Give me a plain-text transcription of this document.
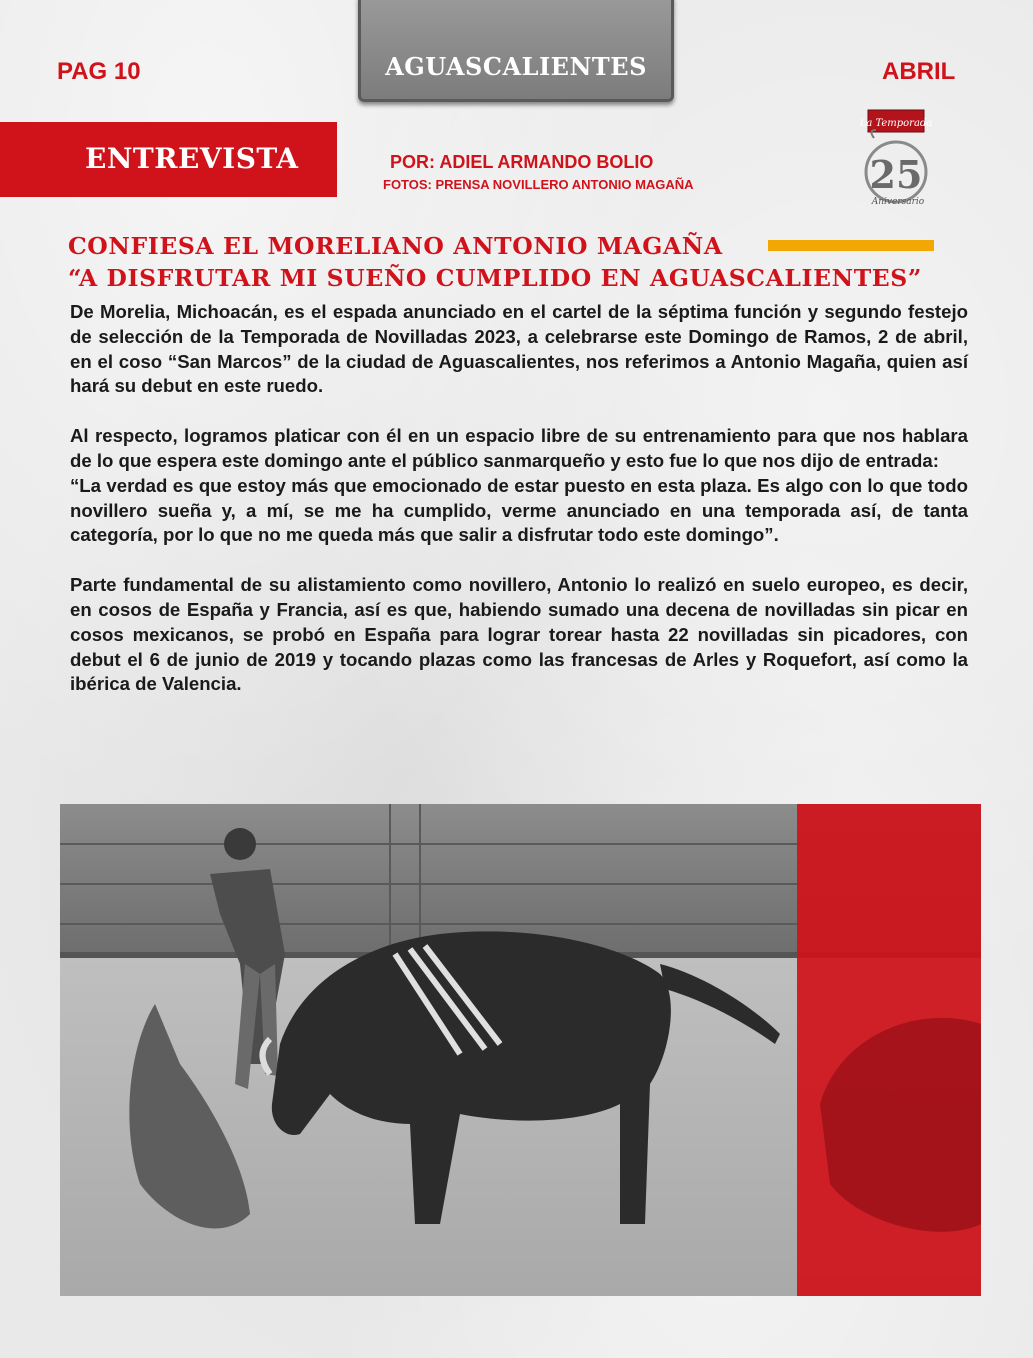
PAG 10	AGUASCALIENTES	ABRIL
ENTREVISTA	POR: ADIEL ARMANDO BOLIO
FOTOS: PRENSA NOVILLERO ANTONIO MAGAÑA
La Temporada
25
Aniversario
CONFIESA EL MORELIANO ANTONIO MAGAÑA
“A DISFRUTAR MI SUEÑO CUMPLIDO EN AGUASCALIENTES”

De Morelia, Michoacán, es el espada anunciado en el cartel de la séptima función y segundo festejo de selección de la Temporada de Novilladas 2023, a celebrarse este Domingo de Ramos, 2 de abril, en el coso “San Marcos” de la ciudad de Aguascalientes, nos referimos a Antonio Magaña, quien así hará su debut en este ruedo.

Al respecto, logramos platicar con él en un espacio libre de su entrenamiento para que nos hablara de lo que espera este domingo ante el público sanmarqueño y esto fue lo que nos dijo de entrada:

“La verdad es que estoy más que emocionado de estar puesto en esta plaza. Es algo con lo que todo novillero sueña y, a mí, se me ha cumplido, verme anunciado en una temporada así, de tanta categoría, por lo que no me queda más que salir a disfrutar todo este domingo”.

Parte fundamental de su alistamiento como novillero, Antonio lo realizó en suelo europeo, es decir, en cosos de España y Francia, así es que, habiendo sumado una decena de novilladas sin picar en cosos mexicanos, se probó en España para lograr torear hasta 22 novilladas sin picadores, con debut el 6 de junio de 2019 y tocando plazas como las francesas de Arles y Roquefort, así como la ibérica de Valencia.
